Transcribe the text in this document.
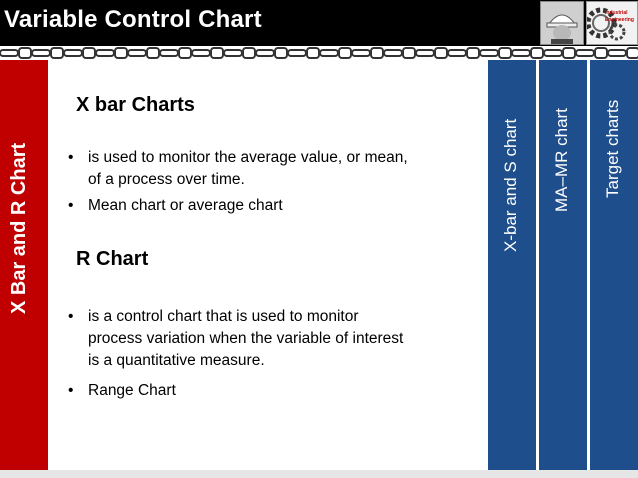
Variable Control Chart	Industrial
Engineering
X Bar and R Chart	X-bar and S chart MA–MR chart Target charts
X bar Charts
• is used to monitor the average value, or mean,
of a process over time.
• Mean chart or average chart
R Chart
• is a control chart that is used to monitor
process variation when the variable of interest
is a quantitative measure.
• Range Chart
